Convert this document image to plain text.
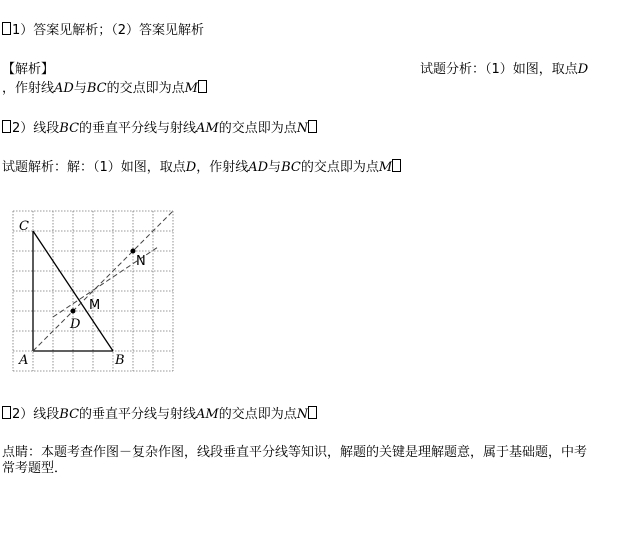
1）答案见解析；（2）答案见解析
【解析】	试题分析：（1）如图，取点D
，作射线AD与BC的交点即为点M
2）线段BC的垂直平分线与射线AM的交点即为点N
试题解析：解：（1）如图，取点D，作射线AD与BC的交点即为点M
C
A	B
D
M
N
2）线段BC的垂直平分线与射线AM的交点即为点N
点睛：本题考查作图－复杂作图，线段垂直平分线等知识，解题的关键是理解题意，属于基础题，中考
常考题型．
